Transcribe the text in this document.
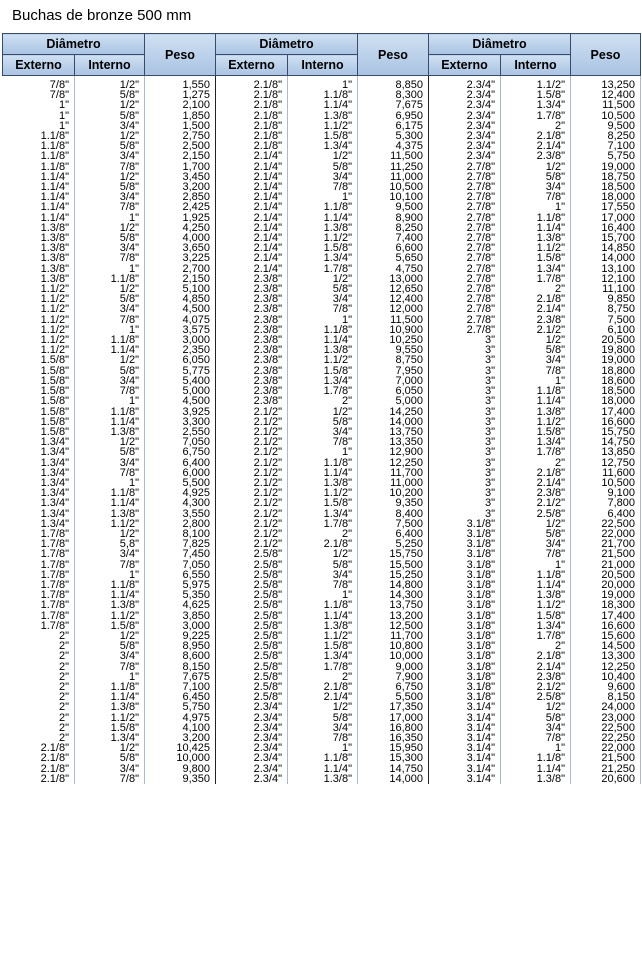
Buchas de bronze 500 mm
Diâmetro		Peso	Diâmetro		Peso	Diâmetro		Peso
Externo	Interno		Externo	Interno		Externo	Interno	
7/8"	1/2"	1,550	2.1/8"	1"	8,850	2.3/4"	1.1/2"	13,250
7/8"	5/8"	1,275	2.1/8"	1.1/8"	8,300	2.3/4"	1.5/8"	12,400
1"	1/2"	2,100	2.1/8"	1.1/4"	7,675	2.3/4"	1.3/4"	11,500
1"	5/8"	1,850	2.1/8"	1.3/8"	6,950	2.3/4"	1.7/8"	10,500
1"	3/4"	1,500	2.1/8"	1.1/2"	6,175	2.3/4"	2"	9,500
1.1/8"	1/2"	2,750	2.1/8"	1.5/8"	5,300	2.3/4"	2.1/8"	8,250
1.1/8"	5/8"	2,500	2.1/8"	1.3/4"	4,375	2.3/4"	2.1/4"	7,100
1.1/8"	3/4"	2,150	2.1/4"	1/2"	11,500	2.3/4"	2.3/8"	5,750
1.1/8"	7/8"	1,700	2.1/4"	5/8"	11,250	2.7/8"	1/2"	19,000
1.1/4"	1/2"	3,450	2.1/4"	3/4"	11,000	2.7/8"	5/8"	18,750
1.1/4"	5/8"	3,200	2.1/4"	7/8"	10,500	2.7/8"	3/4"	18,500
1.1/4"	3/4"	2,850	2.1/4"	1"	10,100	2.7/8"	7/8"	18,000
1.1/4"	7/8"	2,425	2.1/4"	1.1/8"	9,500	2.7/8"	1"	17,550
1.1/4"	1"	1,925	2.1/4"	1.1/4"	8,900	2.7/8"	1.1/8"	17,000
1.3/8"	1/2"	4,250	2.1/4"	1.3/8"	8,250	2.7/8"	1.1/4"	16,400
1.3/8"	5/8"	4,000	2.1/4"	1.1/2"	7,400	2.7/8"	1.3/8"	15,700
1.3/8"	3/4"	3,650	2.1/4"	1.5/8"	6,600	2.7/8"	1.1/2"	14,850
1.3/8"	7/8"	3,225	2.1/4"	1.3/4"	5,650	2.7/8"	1.5/8"	14,000
1.3/8"	1"	2,700	2.1/4"	1.7/8"	4,750	2.7/8"	1.3/4"	13,100
1.3/8"	1.1/8"	2,150	2.3/8"	1/2"	13,000	2.7/8"	1.7/8"	12,100
1.1/2"	1/2"	5,100	2.3/8"	5/8"	12,650	2.7/8"	2"	11,100
1.1/2"	5/8"	4,850	2.3/8"	3/4"	12,400	2.7/8"	2.1/8"	9,850
1.1/2"	3/4"	4,500	2.3/8"	7/8"	12,000	2.7/8"	2.1/4"	8,750
1.1/2"	7/8"	4,075	2.3/8"	1"	11,500	2.7/8"	2.3/8"	7,500
1.1/2"	1"	3,575	2.3/8"	1.1/8"	10,900	2.7/8"	2.1/2"	6,100
1.1/2"	1.1/8"	3,000	2.3/8"	1.1/4"	10,250	3"	1/2"	20,500
1.1/2"	1.1/4"	2,350	2.3/8"	1.3/8"	9,550	3"	5/8"	19,800
1.5/8"	1/2"	6,050	2.3/8"	1.1/2"	8,750	3"	3/4"	19,000
1.5/8"	5/8"	5,775	2.3/8"	1.5/8"	7,950	3"	7/8"	18,800
1.5/8"	3/4"	5,400	2.3/8"	1.3/4"	7,000	3"	1"	18,600
1.5/8"	7/8"	5,000	2.3/8"	1.7/8"	6,050	3"	1.1/8"	18,500
1.5/8"	1"	4,500	2.3/8"	2"	5,000	3"	1.1/4"	18,000
1.5/8"	1.1/8"	3,925	2.1/2"	1/2"	14,250	3"	1.3/8"	17,400
1.5/8"	1.1/4"	3,300	2.1/2"	5/8"	14,000	3"	1.1/2"	16,600
1.5/8"	1.3/8"	2,550	2.1/2"	3/4"	13,750	3"	1.5/8"	15,750
1.3/4"	1/2"	7,050	2.1/2"	7/8"	13,350	3"	1.3/4"	14,750
1.3/4"	5/8"	6,750	2.1/2"	1"	12,900	3"	1.7/8"	13,850
1.3/4"	3/4"	6,400	2.1/2"	1.1/8"	12,250	3"	2"	12,750
1.3/4"	7/8"	6,000	2.1/2"	1.1/4"	11,700	3"	2.1/8"	11,600
1.3/4"	1"	5,500	2.1/2"	1.3/8"	11,000	3"	2.1/4"	10,500
1.3/4"	1.1/8"	4,925	2.1/2"	1.1/2"	10,200	3"	2.3/8"	9,100
1.3/4"	1.1/4"	4,300	2.1/2"	1.5/8"	9,350	3"	2.1/2"	7,800
1.3/4"	1.3/8"	3,550	2.1/2"	1.3/4"	8,400	3"	2.5/8"	6,400
1.3/4"	1.1/2"	2,800	2.1/2"	1.7/8"	7,500	3.1/8"	1/2"	22,500
1.7/8"	1/2"	8,100	2.1/2"	2"	6,400	3.1/8"	5/8"	22,000
1.7/8"	5,8"	7,825	2.1/2"	2.1/8"	5,250	3.1/8"	3/4"	21,700
1.7/8"	3/4"	7,450	2.5/8"	1/2"	15,750	3.1/8"	7/8"	21,500
1.7/8"	7/8"	7,050	2.5/8"	5/8"	15,500	3.1/8"	1"	21,000
1.7/8"	1"	6,550	2.5/8"	3/4"	15,250	3.1/8"	1.1/8"	20,500
1.7/8"	1.1/8"	5,975	2.5/8"	7/8"	14,800	3.1/8"	1.1/4"	20,000
1.7/8"	1.1/4"	5,350	2.5/8"	1"	14,300	3.1/8"	1.3/8"	19,000
1.7/8"	1.3/8"	4,625	2.5/8"	1.1/8"	13,750	3.1/8"	1.1/2"	18,300
1.7/8"	1.1/2"	3,850	2.5/8"	1.1/4"	13,200	3.1/8"	1.5/8"	17,400
1.7/8"	1.5/8"	3,000	2.5/8"	1.3/8"	12,500	3.1/8"	1.3/4"	16,600
2"	1/2"	9,225	2.5/8"	1.1/2"	11,700	3.1/8"	1.7/8"	15,600
2"	5/8"	8,950	2.5/8"	1.5/8"	10,800	3.1/8"	2"	14,500
2"	3/4"	8,600	2.5/8"	1.3/4"	10,000	3.1/8"	2.1/8"	13,300
2"	7/8"	8,150	2.5/8"	1.7/8"	9,000	3.1/8"	2.1/4"	12,250
2"	1"	7,675	2.5/8"	2"	7,900	3.1/8"	2.3/8"	10,400
2"	1.1/8"	7,100	2.5/8"	2.1/8"	6,750	3.1/8"	2.1/2"	9,600
2"	1.1/4"	6,450	2.5/8"	2.1/4"	5,500	3.1/8"	2.5/8"	8,150
2"	1.3/8"	5,750	2.3/4"	1/2"	17,350	3.1/4"	1/2"	24,000
2"	1.1/2"	4,975	2.3/4"	5/8"	17,000	3.1/4"	5/8"	23,000
2"	1.5/8"	4,100	2.3/4"	3/4"	16,800	3.1/4"	3/4"	22,500
2"	1.3/4"	3,200	2.3/4"	7/8"	16,350	3.1/4"	7/8"	22,250
2.1/8"	1/2"	10,425	2.3/4"	1"	15,950	3.1/4"	1"	22,000
2.1/8"	5/8"	10,000	2.3/4"	1.1/8"	15,300	3.1/4"	1.1/8"	21,500
2.1/8"	3/4"	9,800	2.3/4"	1.1/4"	14,750	3.1/4"	1.1/4"	21,250
2.1/8"	7/8"	9,350	2.3/4"	1.3/8"	14,000	3.1/4"	1.3/8"	20,600
